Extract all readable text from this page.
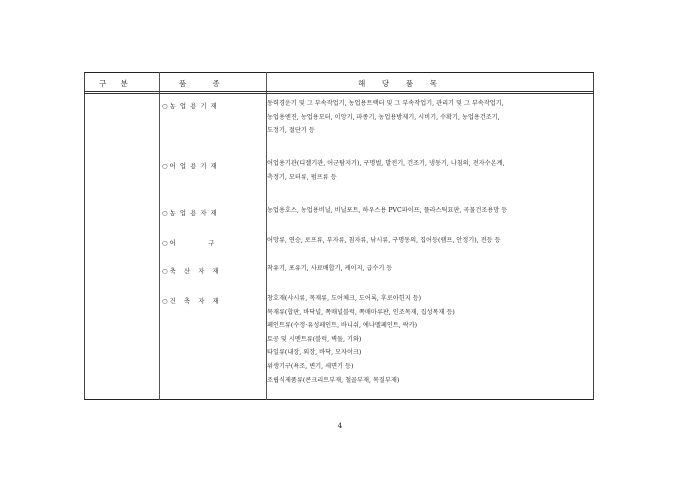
구      분	품           종	해       당       품       목
○ 농  업  용  기  재	동력경운기 및 그 부속작업기, 농업용트랙터 및 그 부속작업기, 관리기 및 그 부속작업기,
농업용엔진, 농업용모터, 이앙기, 파종기, 농업용방제기, 시비기, 수확기, 농업용건조기,
도정기, 절단기 등
○ 어  업  용  기  재	어업용기관(디젤기관, 어군탐지기), 구명벌, 발전기, 건조기, 냉동기, 나침의, 전자수온계,
측정기, 모터류, 펌프류 등
○ 농  업  용  자  재	농업용호스, 농업용비닐, 비닐포트, 하우스용 PVC파이프, 플라스틱묘판, 곡물건조용망 등
○ 어                구	어망류, 연승, 로프류, 부자류, 침자류, 낚시류, 구명동의, 집어등(램프, 안정기), 전등 등
○ 축    산    자    재	착유기, 포유기, 사료배합기, 케이지, 급수기 등
○ 건    축    자    재	창호재(샤시류, 목재류, 도어체크, 도어록, 후로아힌지 등)
목재류(합판, 바닥널, 쪽매널블럭, 쪽매마루판, 인조목재, 집성목재 등)
페인트류(수정·유성페인트, 바니쉬, 에나멜페인트, 락카)
토공 및 시멘트류(블럭, 벽돌, 기와)
타일류(내장, 외장, 바닥, 모자이크)
위생기구(욕조, 변기, 세면기 등)
조립식제품류(콘크리트부재, 철골부재, 목질부재)
4
